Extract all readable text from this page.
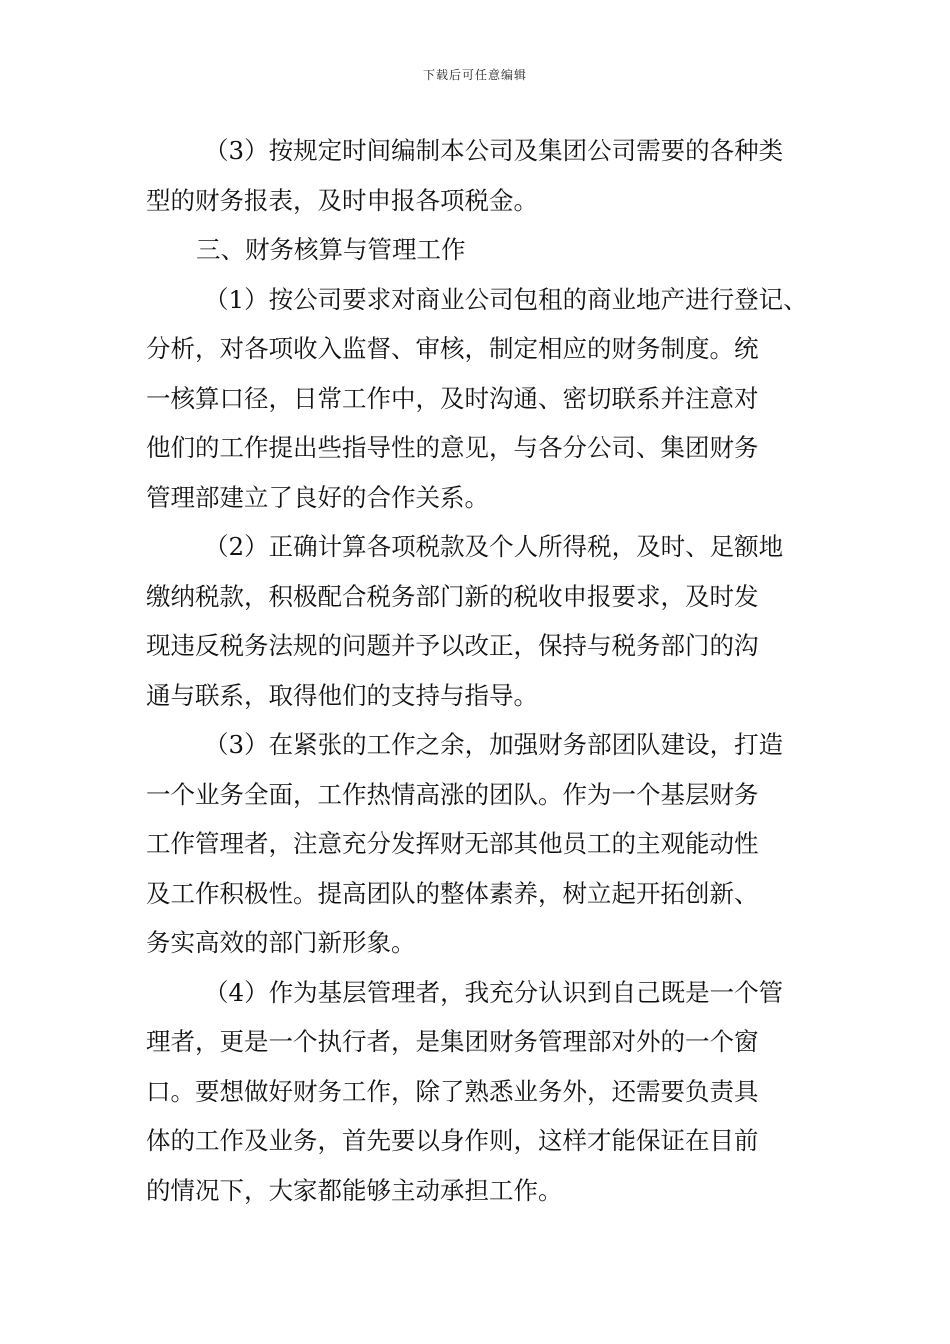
下载后可任意编辑
（3）按规定时间编制本公司及集团公司需要的各种类
型的财务报表，及时申报各项税金。
三、财务核算与管理工作
（1）按公司要求对商业公司包租的商业地产进行登记、
分析，对各项收入监督、审核，制定相应的财务制度。统
一核算口径，日常工作中，及时沟通、密切联系并注意对
他们的工作提出些指导性的意见，与各分公司、集团财务
管理部建立了良好的合作关系。
（2）正确计算各项税款及个人所得税，及时、足额地
缴纳税款，积极配合税务部门新的税收申报要求，及时发
现违反税务法规的问题并予以改正，保持与税务部门的沟
通与联系，取得他们的支持与指导。
（3）在紧张的工作之余，加强财务部团队建设，打造
一个业务全面，工作热情高涨的团队。作为一个基层财务
工作管理者，注意充分发挥财无部其他员工的主观能动性
及工作积极性。提高团队的整体素养，树立起开拓创新、
务实高效的部门新形象。
（4）作为基层管理者，我充分认识到自己既是一个管
理者，更是一个执行者，是集团财务管理部对外的一个窗
口。要想做好财务工作，除了熟悉业务外，还需要负责具
体的工作及业务，首先要以身作则，这样才能保证在目前
的情况下，大家都能够主动承担工作。
